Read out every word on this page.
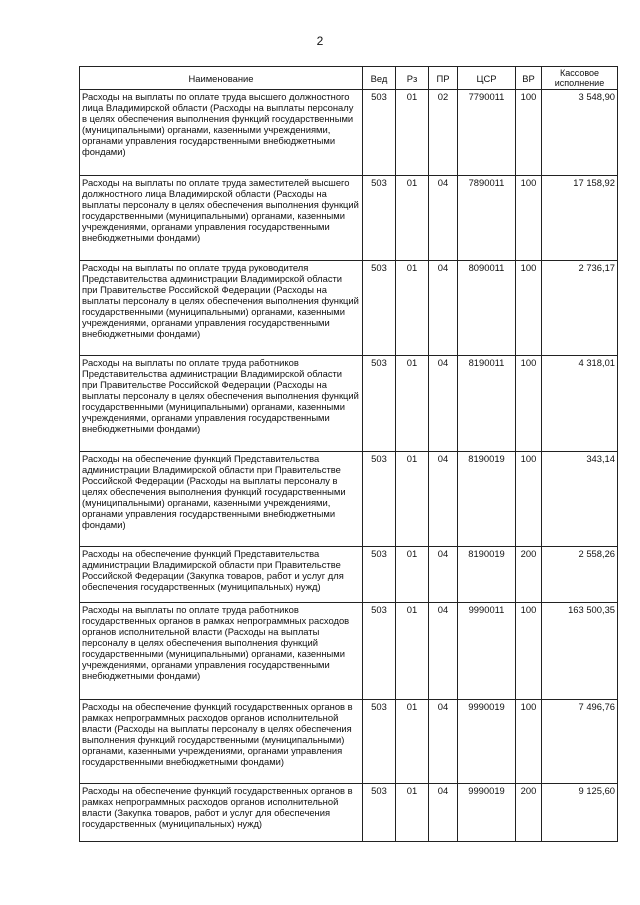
2
Наименование	Вед	Рз	ПР	ЦСР	ВР	Кассовое исполнение
Расходы на выплаты по оплате труда высшего должностного лица Владимирской области (Расходы на выплаты персоналу в целях обеспечения выполнения функций государственными (муниципальными) органами, казенными учреждениями, органами управления государственными внебюджетными фондами)	503	01	02	7790011	100	3 548,90
Расходы на выплаты по оплате труда заместителей высшего должностного лица Владимирской области (Расходы на выплаты персоналу в целях обеспечения выполнения функций государственными (муниципальными) органами, казенными учреждениями, органами управления государственными внебюджетными фондами)	503	01	04	7890011	100	17 158,92
Расходы на выплаты по оплате труда руководителя Представительства администрации Владимирской области при Правительстве Российской Федерации (Расходы на выплаты персоналу в целях обеспечения выполнения функций государственными (муниципальными) органами, казенными учреждениями, органами управления государственными внебюджетными фондами)	503	01	04	8090011	100	2 736,17
Расходы на выплаты по оплате труда работников Представительства администрации Владимирской области при Правительстве Российской Федерации (Расходы на выплаты персоналу в целях обеспечения выполнения функций государственными (муниципальными) органами, казенными учреждениями, органами управления государственными внебюджетными фондами)	503	01	04	8190011	100	4 318,01
Расходы на обеспечение функций Представительства администрации Владимирской области при Правительстве Российской Федерации (Расходы на выплаты персоналу в целях обеспечения выполнения функций государственными (муниципальными) органами, казенными учреждениями, органами управления государственными внебюджетными фондами)	503	01	04	8190019	100	343,14
Расходы на обеспечение функций Представительства администрации Владимирской области при Правительстве Российской Федерации (Закупка товаров, работ и услуг для обеспечения государственных (муниципальных) нужд)	503	01	04	8190019	200	2 558,26
Расходы на выплаты по оплате труда работников государственных органов в рамках непрограммных расходов органов исполнительной власти (Расходы на выплаты персоналу в целях обеспечения выполнения функций государственными (муниципальными) органами, казенными учреждениями, органами управления государственными внебюджетными фондами)	503	01	04	9990011	100	163 500,35
Расходы на обеспечение функций государственных органов в рамках непрограммных расходов органов исполнительной власти (Расходы на выплаты персоналу в целях обеспечения выполнения функций государственными (муниципальными) органами, казенными учреждениями, органами управления государственными внебюджетными фондами)	503	01	04	9990019	100	7 496,76
Расходы на обеспечение функций государственных органов в рамках непрограммных расходов органов исполнительной власти (Закупка товаров, работ и услуг для обеспечения государственных (муниципальных) нужд)	503	01	04	9990019	200	9 125,60
